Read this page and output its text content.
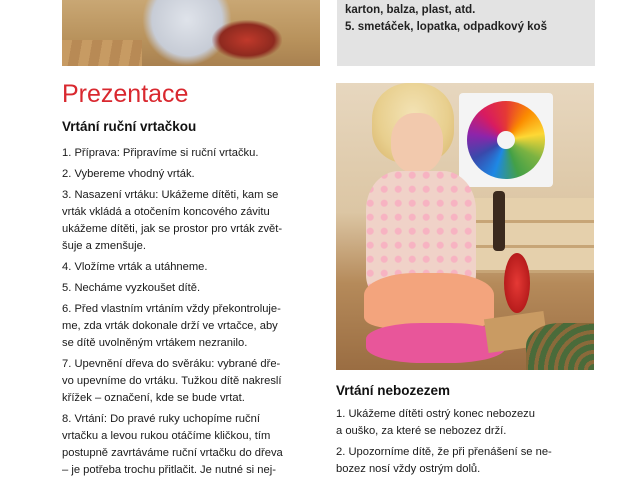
karton, balza, plast, atd.
5. smetáček, lopatka, odpadkový koš
Prezentace
Vrtání ruční vrtačkou
1. Příprava: Připravíme si ruční vrtačku.
2. Vybereme vhodný vrták.
3. Nasazení vrtáku: Ukážeme dítěti, kam se
vrták vkládá a otočením koncového závitu
ukážeme dítěti, jak se prostor pro vrták zvět-
šuje a zmenšuje.
4. Vložíme vrták a utáhneme.
5. Necháme vyzkoušet dítě.
6. Před vlastním vrtáním vždy překontroluje-
me, zda vrták dokonale drží ve vrtačce, aby
se dítě uvolněným vrtákem nezranilo.
7. Upevnění dřeva do svěráku: vybrané dře-
vo upevníme do vrtáku. Tužkou dítě nakreslí
křížek – označení, kde se bude vrtat.
8. Vrtání: Do pravé ruky uchopíme ruční
vrtačku a levou rukou otáčíme kličkou, tím
postupně zavrtáváme ruční vrtačku do dřeva
– je potřeba trochu přitlačit. Je nutné si nej-
Vrtání nebozezem
1. Ukážeme dítěti ostrý konec nebozezu
a ouško, za které se nebozez drží.
2. Upozorníme dítě, že při přenášení se ne-
bozez nosí vždy ostrým dolů.
